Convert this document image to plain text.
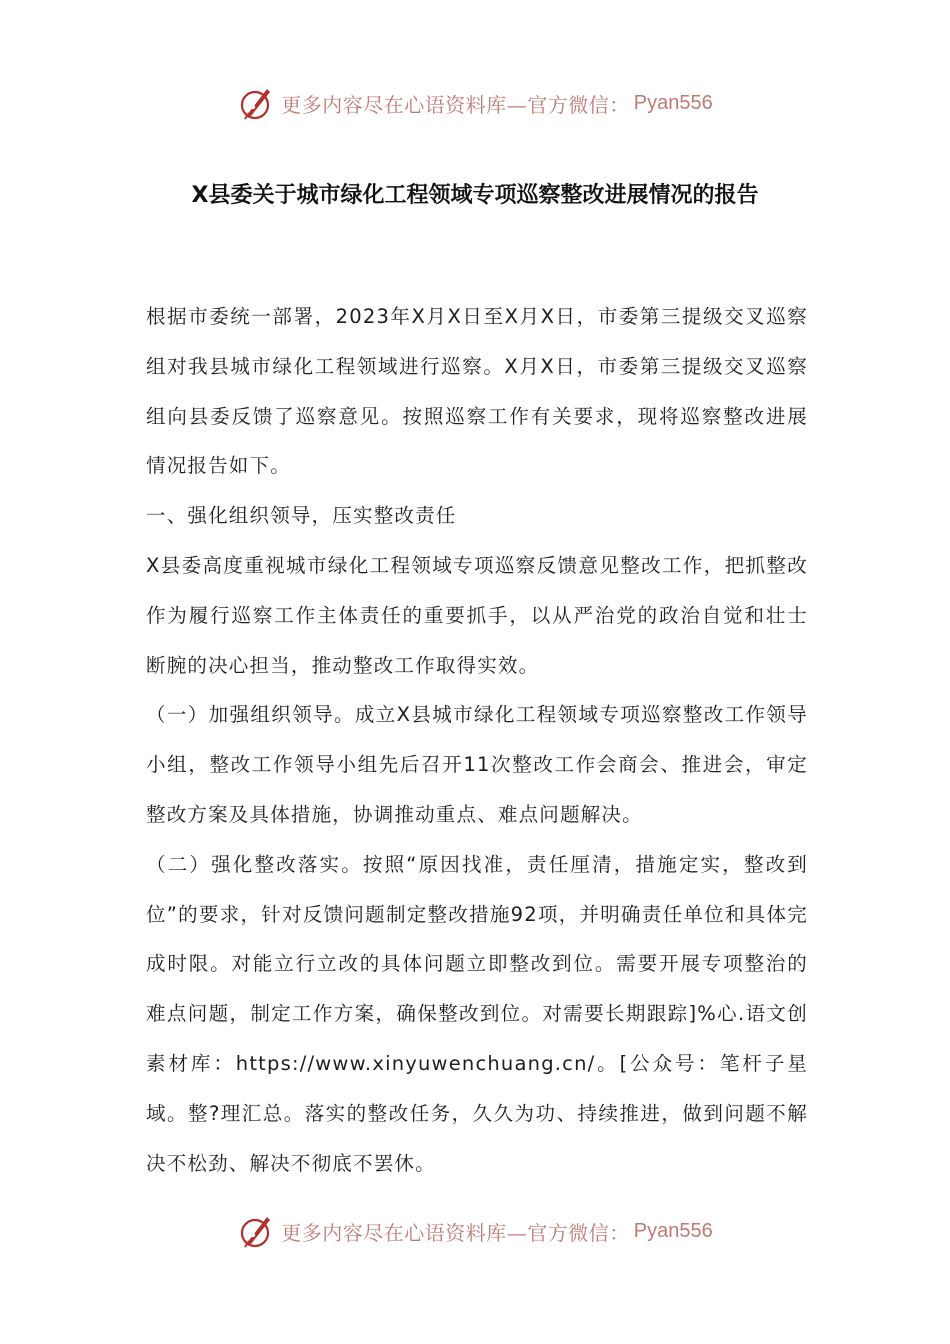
更多内容尽在心语资料库—官方微信： Pyan556
X县委关于城市绿化工程领域专项巡察整改进展情况的报告

根据市委统一部署，2023年X月X日至X月X日，市委第三提级交叉巡察组对我县城市绿化工程领域进行巡察。X月X日，市委第三提级交叉巡察组向县委反馈了巡察意见。按照巡察工作有关要求，现将巡察整改进展情况报告如下。

一、强化组织领导，压实整改责任

X县委高度重视城市绿化工程领域专项巡察反馈意见整改工作，把抓整改作为履行巡察工作主体责任的重要抓手，以从严治党的政治自觉和壮士断腕的决心担当，推动整改工作取得实效。

（一）加强组织领导。成立X县城市绿化工程领域专项巡察整改工作领导小组，整改工作领导小组先后召开11次整改工作会商会、推进会，审定整改方案及具体措施，协调推动重点、难点问题解决。

（二）强化整改落实。按照“原因找准，责任厘清，措施定实，整改到位”的要求，针对反馈问题制定整改措施92项，并明确责任单位和具体完成时限。对能立行立改的具体问题立即整改到位。需要开展专项整治的难点问题，制定工作方案，确保整改到位。对需要长期跟踪]%心.语文创素材库：https://www.xinyuwenchuang.cn/。[公众号：笔杆子星域。整?理汇总。落实的整改任务，久久为功、持续推进，做到问题不解决不松劲、解决不彻底不罢休。

更多内容尽在心语资料库—官方微信： Pyan556
